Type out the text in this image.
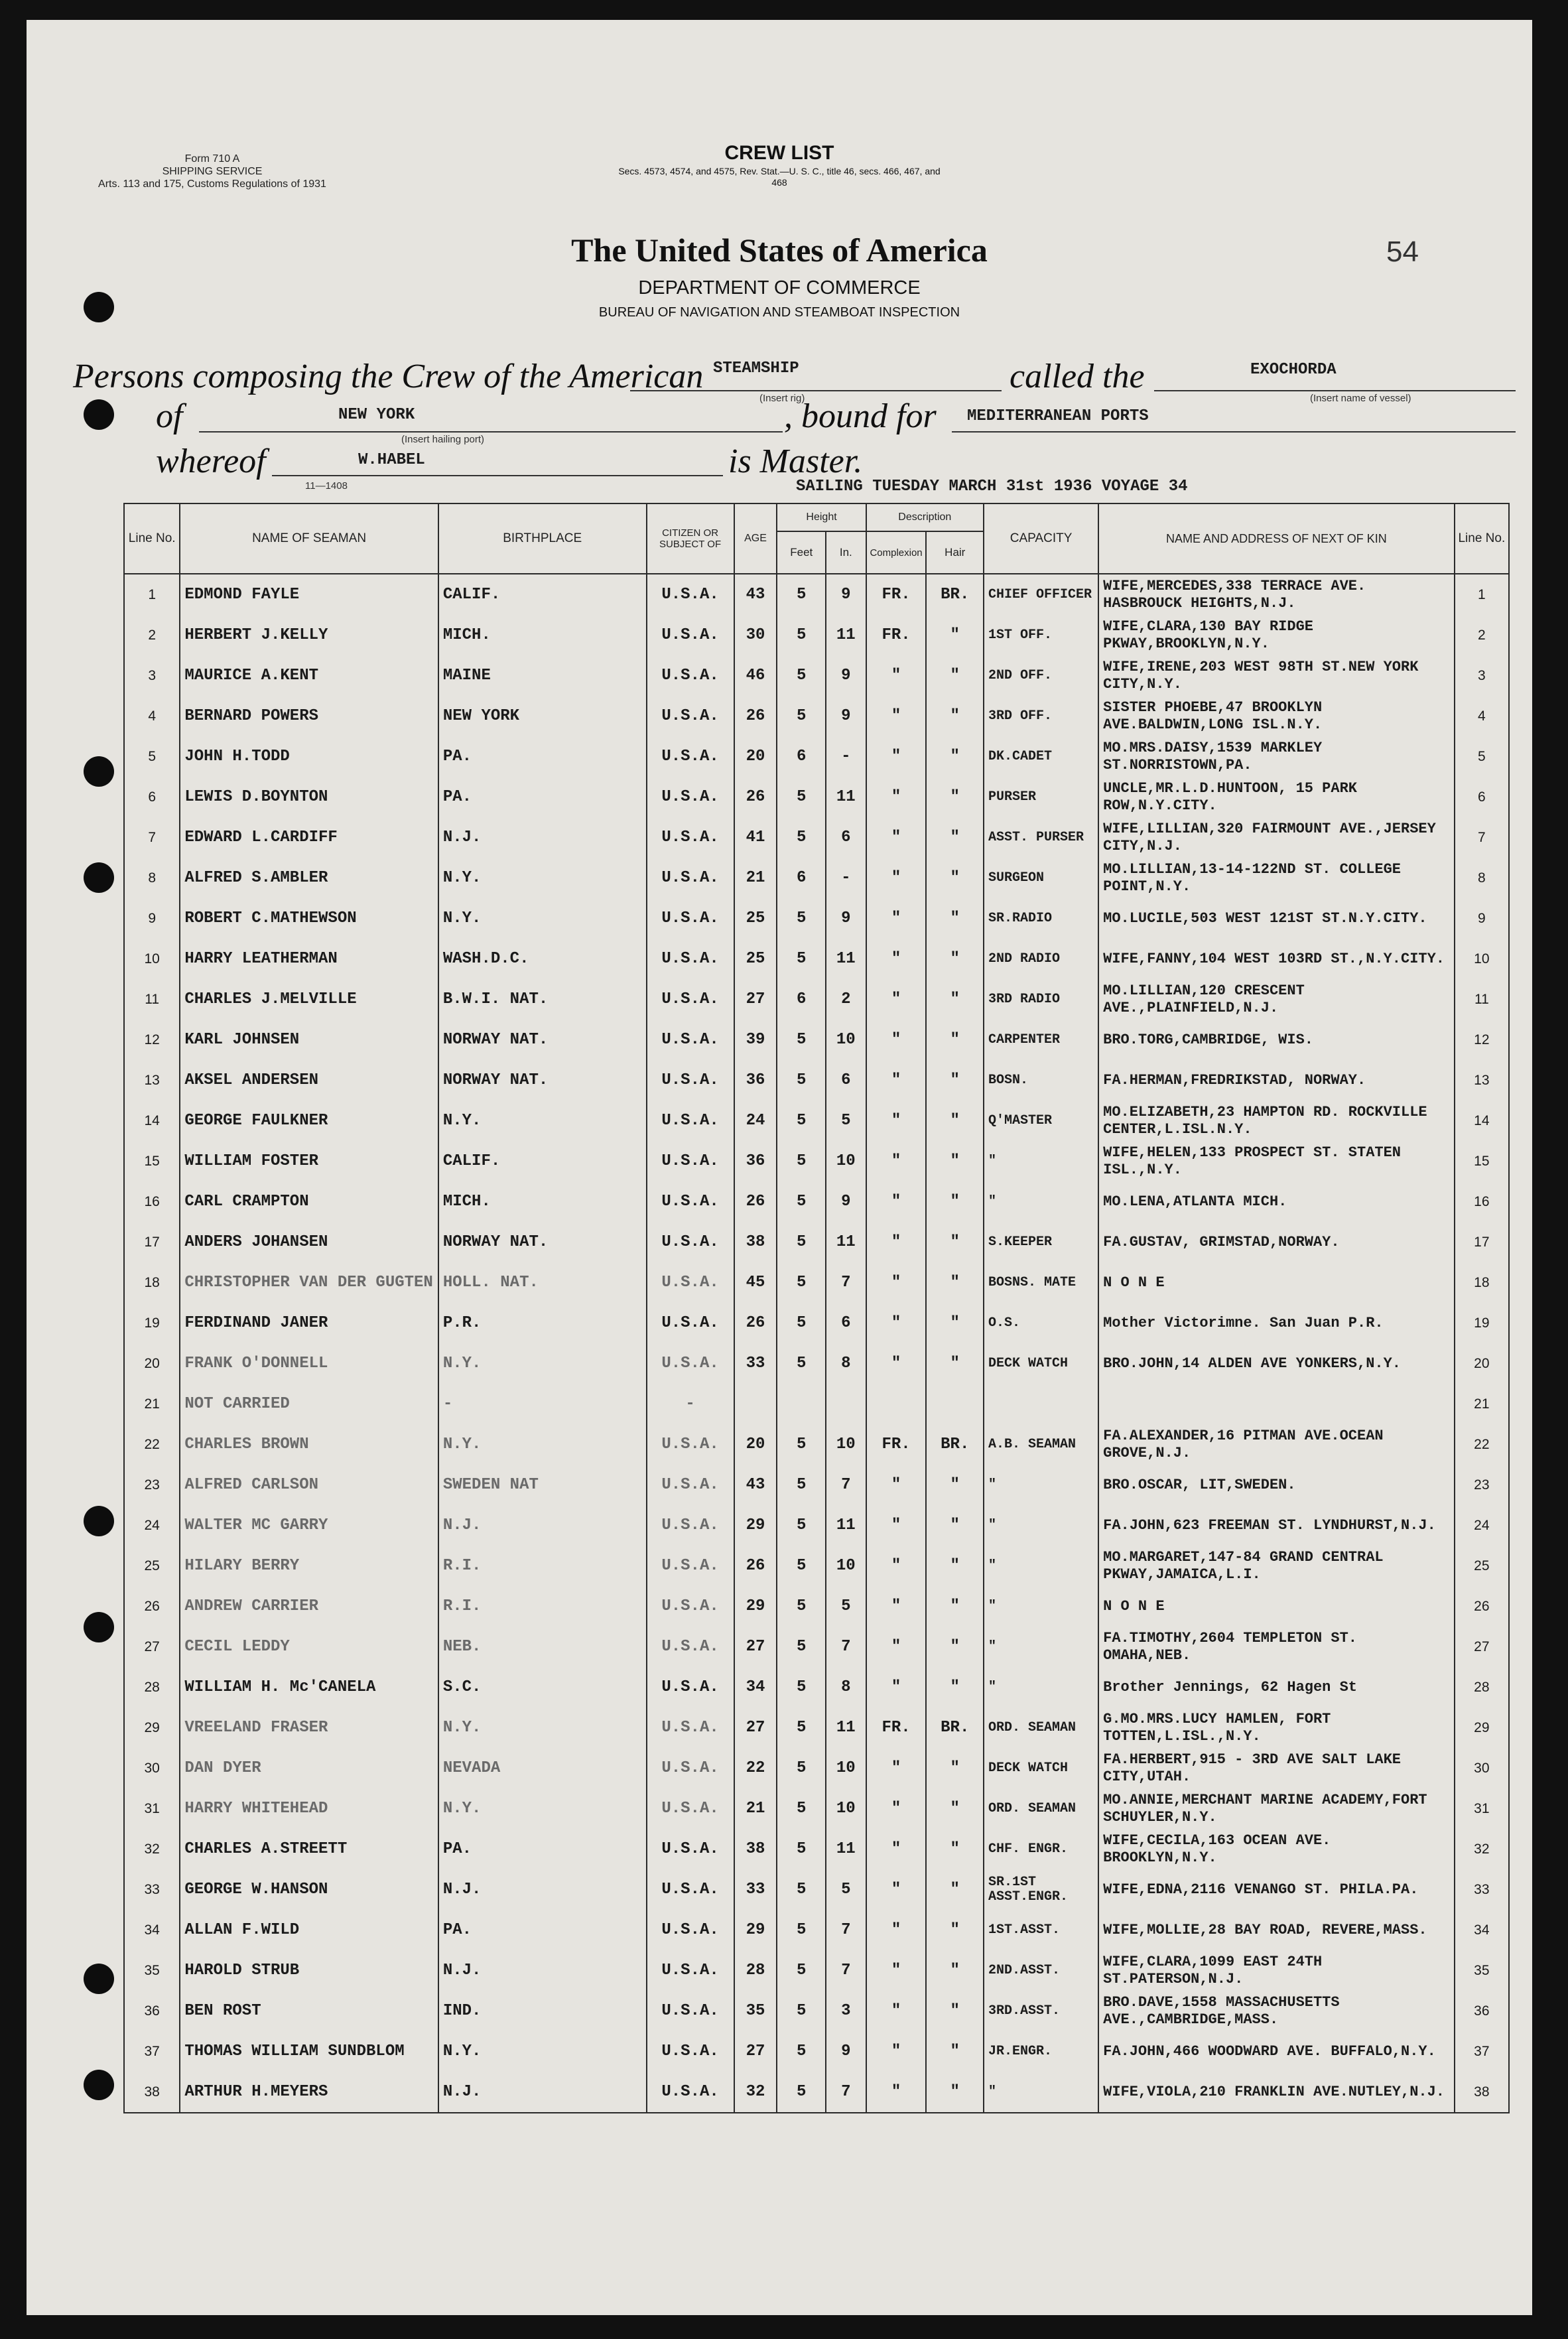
Form 710 A
SHIPPING SERVICE
Arts. 113 and 175, Customs Regulations of 1931
CREW LIST
Secs. 4573, 4574, and 4575, Rev. Stat.—U. S. C., title 46, secs. 466, 467, and 468
The United States of America
DEPARTMENT OF COMMERCE
BUREAU OF NAVIGATION AND STEAMBOAT INSPECTION
54
Persons composing the Crew of the American STEAMSHIP
(Insert rig)
called the	EXOCHORDA
(Insert name of vessel)
of	NEW YORK
(Insert hailing port)
, bound for MEDITERRANEAN PORTS
whereof	W.HABEL	is Master.
11—1408	SAILING TUESDAY MARCH 31st 1936 VOYAGE 34
Line No.	NAME OF SEAMAN	BIRTHPLACE	CITIZEN OR SUBJECT OF	AGE	Height		Description		CAPACITY	NAME AND ADDRESS OF NEXT OF KIN	Line No.
					Feet	In.	Complexion	Hair			
1	EDMOND FAYLE	CALIF.	U.S.A.	43	5	9	FR.	BR.	CHIEF OFFICER	WIFE,MERCEDES,338 TERRACE AVE. HASBROUCK HEIGHTS,N.J.	1
2	HERBERT J.KELLY	MICH.	U.S.A.	30	5	11	FR.	"	1ST OFF.	WIFE,CLARA,130 BAY RIDGE PKWAY,BROOKLYN,N.Y.	2
3	MAURICE A.KENT	MAINE	U.S.A.	46	5	9	"	"	2ND OFF.	WIFE,IRENE,203 WEST 98TH ST.NEW YORK CITY,N.Y.	3
4	BERNARD POWERS	NEW YORK	U.S.A.	26	5	9	"	"	3RD OFF.	SISTER PHOEBE,47 BROOKLYN AVE.BALDWIN,LONG ISL.N.Y.	4
5	JOHN H.TODD	PA.	U.S.A.	20	6	-	"	"	DK.CADET	MO.MRS.DAISY,1539 MARKLEY ST.NORRISTOWN,PA.	5
6	LEWIS D.BOYNTON	PA.	U.S.A.	26	5	11	"	"	PURSER	UNCLE,MR.L.D.HUNTOON, 15 PARK ROW,N.Y.CITY.	6
7	EDWARD L.CARDIFF	N.J.	U.S.A.	41	5	6	"	"	ASST. PURSER	WIFE,LILLIAN,320 FAIRMOUNT AVE.,JERSEY CITY,N.J.	7
8	ALFRED S.AMBLER	N.Y.	U.S.A.	21	6	-	"	"	SURGEON	MO.LILLIAN,13-14-122ND ST. COLLEGE POINT,N.Y.	8
9	ROBERT C.MATHEWSON	N.Y.	U.S.A.	25	5	9	"	"	SR.RADIO	MO.LUCILE,503 WEST 121ST ST.N.Y.CITY.	9
10	HARRY LEATHERMAN	WASH.D.C.	U.S.A.	25	5	11	"	"	2ND RADIO	WIFE,FANNY,104 WEST 103RD ST.,N.Y.CITY.	10
11	CHARLES J.MELVILLE	B.W.I. NAT.	U.S.A.	27	6	2	"	"	3RD RADIO	MO.LILLIAN,120 CRESCENT AVE.,PLAINFIELD,N.J.	11
12	KARL JOHNSEN	NORWAY NAT.	U.S.A.	39	5	10	"	"	CARPENTER	BRO.TORG,CAMBRIDGE, WIS.	12
13	AKSEL ANDERSEN	NORWAY NAT.	U.S.A.	36	5	6	"	"	BOSN.	FA.HERMAN,FREDRIKSTAD, NORWAY.	13
14	GEORGE FAULKNER	N.Y.	U.S.A.	24	5	5	"	"	Q'MASTER	MO.ELIZABETH,23 HAMPTON RD. ROCKVILLE CENTER,L.ISL.N.Y.	14
15	WILLIAM FOSTER	CALIF.	U.S.A.	36	5	10	"	"	"	WIFE,HELEN,133 PROSPECT ST. STATEN ISL.,N.Y.	15
16	CARL CRAMPTON	MICH.	U.S.A.	26	5	9	"	"	"	MO.LENA,ATLANTA MICH.	16
17	ANDERS JOHANSEN	NORWAY NAT.	U.S.A.	38	5	11	"	"	S.KEEPER	FA.GUSTAV, GRIMSTAD,NORWAY.	17
18	CHRISTOPHER VAN DER GUGTEN	HOLL. NAT.	U.S.A.	45	5	7	"	"	BOSNS. MATE	N O N E	18
19	FERDINAND JANER	P.R.	U.S.A.	26	5	6	"	"	O.S.	Mother Victorimne. San Juan P.R.	19
20	FRANK O'DONNELL	N.Y.	U.S.A.	33	5	8	"	"	DECK WATCH	BRO.JOHN,14 ALDEN AVE YONKERS,N.Y.	20
21	NOT CARRIED	-	-								21
22	CHARLES BROWN	N.Y.	U.S.A.	20	5	10	FR.	BR.	A.B. SEAMAN	FA.ALEXANDER,16 PITMAN AVE.OCEAN GROVE,N.J.	22
23	ALFRED CARLSON	SWEDEN NAT	U.S.A.	43	5	7	"	"	"	BRO.OSCAR, LIT,SWEDEN.	23
24	WALTER MC GARRY	N.J.	U.S.A.	29	5	11	"	"	"	FA.JOHN,623 FREEMAN ST. LYNDHURST,N.J.	24
25	HILARY BERRY	R.I.	U.S.A.	26	5	10	"	"	"	MO.MARGARET,147-84 GRAND CENTRAL PKWAY,JAMAICA,L.I.	25
26	ANDREW CARRIER	R.I.	U.S.A.	29	5	5	"	"	"	N O N E	26
27	CECIL LEDDY	NEB.	U.S.A.	27	5	7	"	"	"	FA.TIMOTHY,2604 TEMPLETON ST. OMAHA,NEB.	27
28	WILLIAM H. Mc'CANELA	S.C.	U.S.A.	34	5	8	"	"	"	Brother Jennings, 62 Hagen St	28
29	VREELAND FRASER	N.Y.	U.S.A.	27	5	11	FR.	BR.	ORD. SEAMAN	G.MO.MRS.LUCY HAMLEN, FORT TOTTEN,L.ISL.,N.Y.	29
30	DAN DYER	NEVADA	U.S.A.	22	5	10	"	"	DECK WATCH	FA.HERBERT,915 - 3RD AVE SALT LAKE CITY,UTAH.	30
31	HARRY WHITEHEAD	N.Y.	U.S.A.	21	5	10	"	"	ORD. SEAMAN	MO.ANNIE,MERCHANT MARINE ACADEMY,FORT SCHUYLER,N.Y.	31
32	CHARLES A.STREETT	PA.	U.S.A.	38	5	11	"	"	CHF. ENGR.	WIFE,CECILA,163 OCEAN AVE. BROOKLYN,N.Y.	32
33	GEORGE W.HANSON	N.J.	U.S.A.	33	5	5	"	"	SR.1ST ASST.ENGR.	WIFE,EDNA,2116 VENANGO ST. PHILA.PA.	33
34	ALLAN F.WILD	PA.	U.S.A.	29	5	7	"	"	1ST.ASST.	WIFE,MOLLIE,28 BAY ROAD, REVERE,MASS.	34
35	HAROLD STRUB	N.J.	U.S.A.	28	5	7	"	"	2ND.ASST.	WIFE,CLARA,1099 EAST 24TH ST.PATERSON,N.J.	35
36	BEN ROST	IND.	U.S.A.	35	5	3	"	"	3RD.ASST.	BRO.DAVE,1558 MASSACHUSETTS AVE.,CAMBRIDGE,MASS.	36
37	THOMAS WILLIAM SUNDBLOM	N.Y.	U.S.A.	27	5	9	"	"	JR.ENGR.	FA.JOHN,466 WOODWARD AVE. BUFFALO,N.Y.	37
38	ARTHUR H.MEYERS	N.J.	U.S.A.	32	5	7	"	"	"	WIFE,VIOLA,210 FRANKLIN AVE.NUTLEY,N.J.	38
